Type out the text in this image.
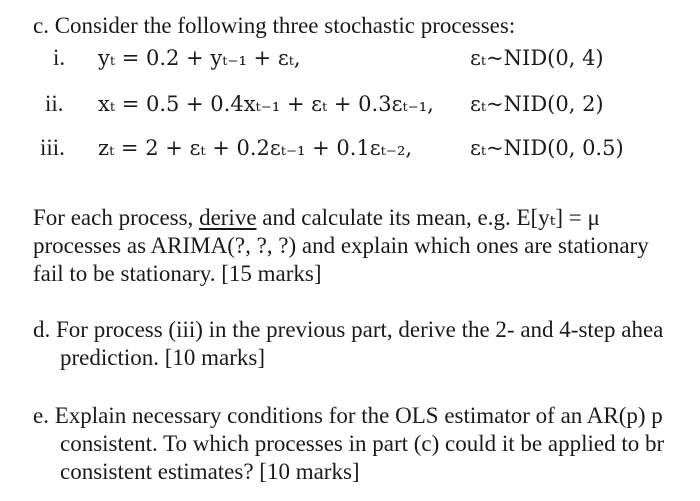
c. Consider the following three stochastic processes:
i. yₜ = 0.2 + yₜ₋₁ + εₜ,	εₜ~NID(0, 4)
ii. xₜ = 0.5 + 0.4xₜ₋₁ + εₜ + 0.3εₜ₋₁, εₜ~NID(0, 2)
iii. zₜ = 2 + εₜ + 0.2εₜ₋₁ + 0.1εₜ₋₂,	εₜ~NID(0, 0.5)
For each process, derive and calculate its mean, e.g. E[yₜ] = μ
processes as ARIMA(?, ?, ?) and explain which ones are stationary
fail to be stationary. [15 marks]
d. For process (iii) in the previous part, derive the 2- and 4-step ahea
prediction. [10 marks]
e. Explain necessary conditions for the OLS estimator of an AR(p) p
consistent. To which processes in part (c) could it be applied to br
consistent estimates? [10 marks]
